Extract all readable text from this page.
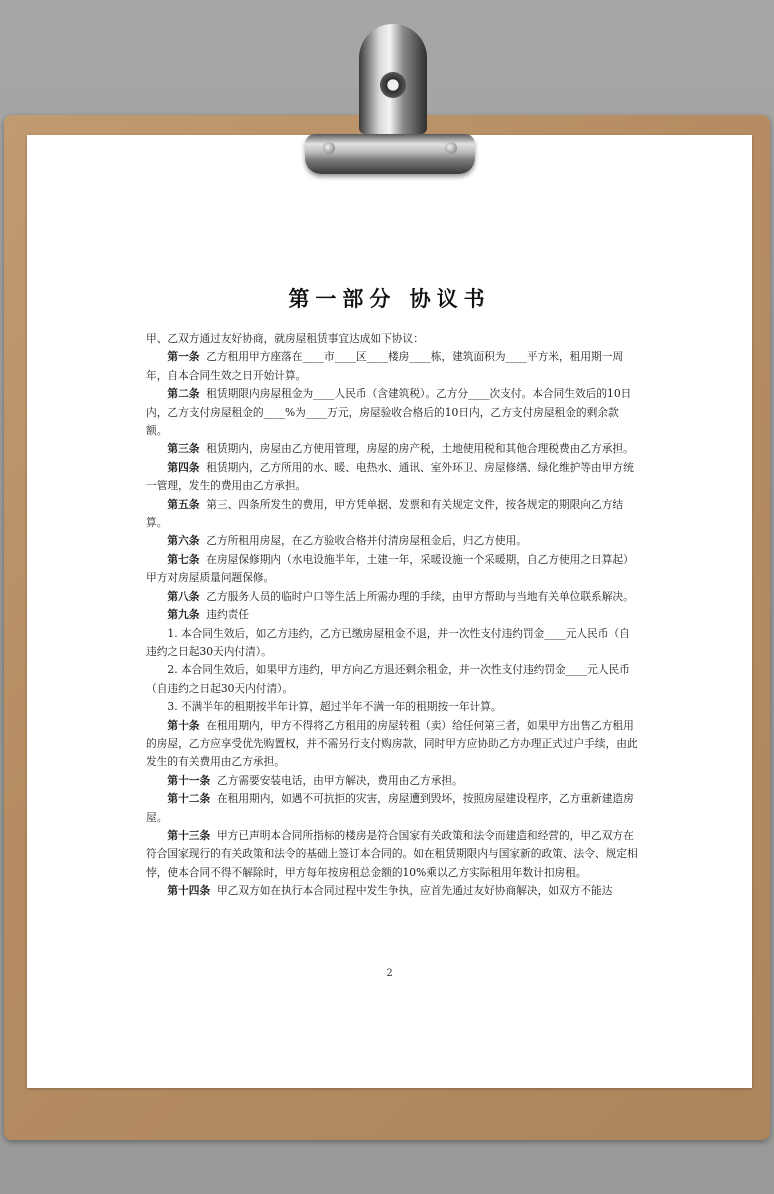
第一部分 协议书

甲、乙双方通过友好协商，就房屋租赁事宜达成如下协议：

第一条 乙方租用甲方座落在____市____区____楼房____栋，建筑面积为____平方米，租用期一周年，自本合同生效之日开始计算。

第二条 租赁期限内房屋租金为____人民币（含建筑税）。乙方分____次支付。本合同生效后的10日内，乙方支付房屋租金的____%为____万元，房屋验收合格后的10日内，乙方支付房屋租金的剩余款额。

第三条 租赁期内，房屋由乙方使用管理，房屋的房产税，土地使用税和其他合理税费由乙方承担。

第四条 租赁期内，乙方所用的水、暖、电热水、通讯、室外环卫、房屋修缮、绿化维护等由甲方统一管理，发生的费用由乙方承担。

第五条 第三、四条所发生的费用，甲方凭单据、发票和有关规定文件，按各规定的期限向乙方结算。

第六条 乙方所租用房屋，在乙方验收合格并付清房屋租金后，归乙方使用。

第七条 在房屋保修期内（水电设施半年，土建一年，采暖设施一个采暖期，自乙方使用之日算起）甲方对房屋质量问题保修。

第八条 乙方服务人员的临时户口等生活上所需办理的手续，由甲方帮助与当地有关单位联系解决。

第九条 违约责任

1. 本合同生效后，如乙方违约，乙方已缴房屋租金不退，并一次性支付违约罚金____元人民币（自违约之日起30天内付清）。

2. 本合同生效后，如果甲方违约，甲方向乙方退还剩余租金，并一次性支付违约罚金____元人民币（自违约之日起30天内付清）。

3. 不满半年的租期按半年计算，超过半年不满一年的租期按一年计算。

第十条 在租用期内，甲方不得将乙方租用的房屋转租（卖）给任何第三者，如果甲方出售乙方租用的房屋，乙方应享受优先购置权，并不需另行支付购房款，同时甲方应协助乙方办理正式过户手续，由此发生的有关费用由乙方承担。

第十一条 乙方需要安装电话，由甲方解决，费用由乙方承担。

第十二条 在租用期内，如遇不可抗拒的灾害，房屋遭到毁坏，按照房屋建设程序，乙方重新建造房屋。

第十三条 甲方已声明本合同所指标的楼房是符合国家有关政策和法令而建造和经营的，甲乙双方在符合国家现行的有关政策和法令的基础上签订本合同的。如在租赁期限内与国家新的政策、法令、规定相悖，使本合同不得不解除时，甲方每年按房租总金额的10%乘以乙方实际租用年数计扣房租。

第十四条 甲乙双方如在执行本合同过程中发生争执，应首先通过友好协商解决，如双方不能达

2
